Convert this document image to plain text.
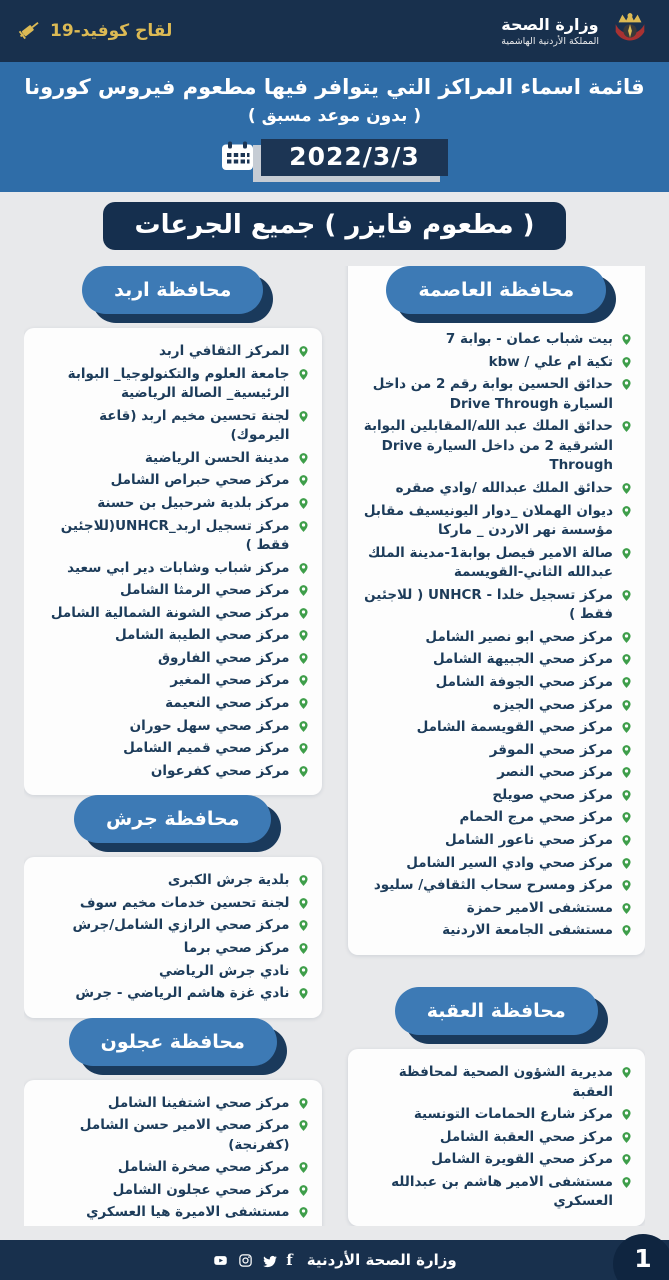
وزارة الصحة
المملكة الأردنية الهاشمية
لقاح كوفيد-19
قائمة اسماء المراكز التي يتوافر فيها مطعوم فيروس كورونا
( بدون موعد مسبق )
2022/3/3
( مطعوم فايزر ) جميع الجرعات
محافظة العاصمة
بيت شباب عمان - بوابة 7
تكية ام علي / kbw
حدائق الحسين بوابة رقم 2 من داخل السيارة Drive Through
حدائق الملك عبد الله/المقابلين البوابة الشرقية 2 من داخل السيارة Drive Through
حدائق الملك عبدالله /وادي صقره
ديوان الهملان _دوار اليونيسيف مقابل مؤسسة نهر الاردن _ ماركا
صالة الامير فيصل بوابة1-مدينة الملك عبدالله الثاني-القويسمة
مركز تسجيل خلدا - UNHCR ( للاجئين فقط )
مركز صحي ابو نصير الشامل
مركز صحي الجبيهة الشامل
مركز صحي الجوفة الشامل
مركز صحي الجيزه
مركز صحي القويسمة الشامل
مركز صحي الموقر
مركز صحي النصر
مركز صحي صويلح
مركز صحي مرج الحمام
مركز صحي ناعور الشامل
مركز صحي وادي السير الشامل
مركز ومسرح سحاب الثقافي/ سليود
مستشفى الامير حمزة
مستشفى الجامعة الاردنية
محافظة العقبة
مديرية الشؤون الصحية لمحافظة العقبة
مركز شارع الحمامات التونسية
مركز صحي العقبة الشامل
مركز صحي القويرة الشامل
مستشفى الامير هاشم بن عبدالله العسكري
محافظة اربد
المركز الثقافي اربد
جامعة العلوم والتكنولوجيا_ البوابة الرئيسية_ الصالة الرياضية
لجنة تحسين مخيم اربد (قاعة اليرموك)
مدينة الحسن الرياضية
مركز صحي حبراص الشامل
مركز بلدية شرحبيل بن حسنة
مركز تسجيل اربد_UNHCR(للاجئين فقط )
مركز شباب وشابات دير ابي سعيد
مركز صحي الرمثا الشامل
مركز صحي الشونة الشمالية الشامل
مركز صحي الطيبة الشامل
مركز صحي الفاروق
مركز صحي المغير
مركز صحي النعيمة
مركز صحي سهل حوران
مركز صحي قميم الشامل
مركز صحي كفرعوان
محافظة جرش
بلدية جرش الكبرى
لجنة تحسين خدمات مخيم سوف
مركز صحي الرازي الشامل/جرش
مركز صحي برما
نادي جرش الرياضي
نادي غزة هاشم الرياضي - جرش
محافظة عجلون
مركز صحي اشتفينا الشامل
مركز صحي الامير حسن الشامل (كفرنجة)
مركز صحي صخرة الشامل
مركز صحي عجلون الشامل
مستشفى الاميرة هيا العسكري
وزارة الصحة الأردنية
f	1
